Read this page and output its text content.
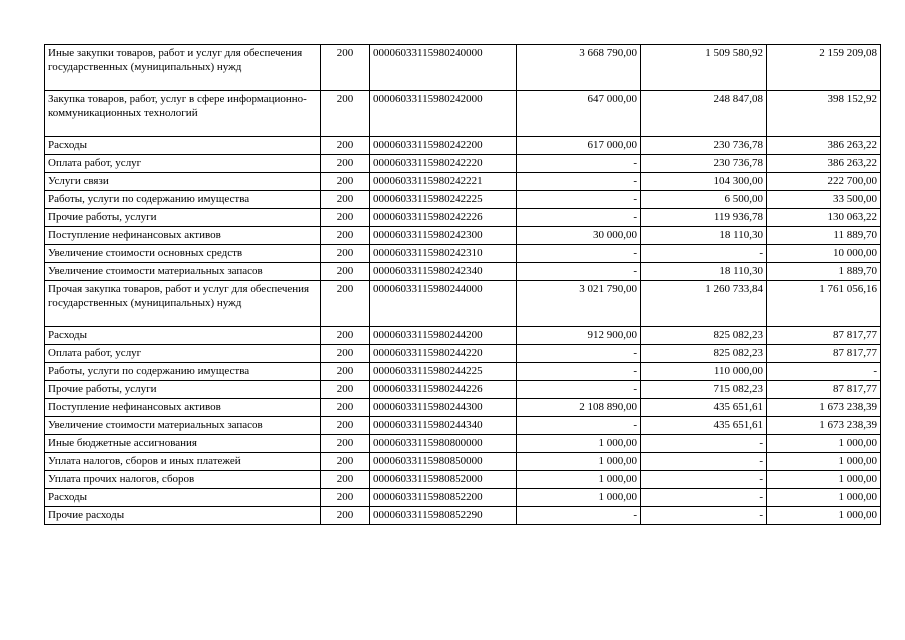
Иные закупки товаров, работ и услуг для обеспечения государственных (муниципальных) нужд	200	00006033115980240000	3 668 790,00	1 509 580,92	2 159 209,08
Закупка товаров, работ, услуг в сфере информационно-коммуникационных технологий	200	00006033115980242000	647 000,00	248 847,08	398 152,92
Расходы	200	00006033115980242200	617 000,00	230 736,78	386 263,22
Оплата работ, услуг	200	00006033115980242220	-	230 736,78	386 263,22
Услуги связи	200	00006033115980242221	-	104 300,00	222 700,00
Работы, услуги по содержанию имущества	200	00006033115980242225	-	6 500,00	33 500,00
Прочие работы, услуги	200	00006033115980242226	-	119 936,78	130 063,22
Поступление нефинансовых активов	200	00006033115980242300	30 000,00	18 110,30	11 889,70
Увеличение стоимости основных средств	200	00006033115980242310	-	-	10 000,00
Увеличение стоимости материальных запасов	200	00006033115980242340	-	18 110,30	1 889,70
Прочая закупка товаров, работ и услуг для обеспечения государственных (муниципальных) нужд	200	00006033115980244000	3 021 790,00	1 260 733,84	1 761 056,16
Расходы	200	00006033115980244200	912 900,00	825 082,23	87 817,77
Оплата работ, услуг	200	00006033115980244220	-	825 082,23	87 817,77
Работы, услуги по содержанию имущества	200	00006033115980244225	-	110 000,00	-
Прочие работы, услуги	200	00006033115980244226	-	715 082,23	87 817,77
Поступление нефинансовых активов	200	00006033115980244300	2 108 890,00	435 651,61	1 673 238,39
Увеличение стоимости материальных запасов	200	00006033115980244340	-	435 651,61	1 673 238,39
Иные бюджетные ассигнования	200	00006033115980800000	1 000,00	-	1 000,00
Уплата налогов, сборов и иных платежей	200	00006033115980850000	1 000,00	-	1 000,00
Уплата прочих налогов, сборов	200	00006033115980852000	1 000,00	-	1 000,00
Расходы	200	00006033115980852200	1 000,00	-	1 000,00
Прочие расходы	200	00006033115980852290	-	-	1 000,00
